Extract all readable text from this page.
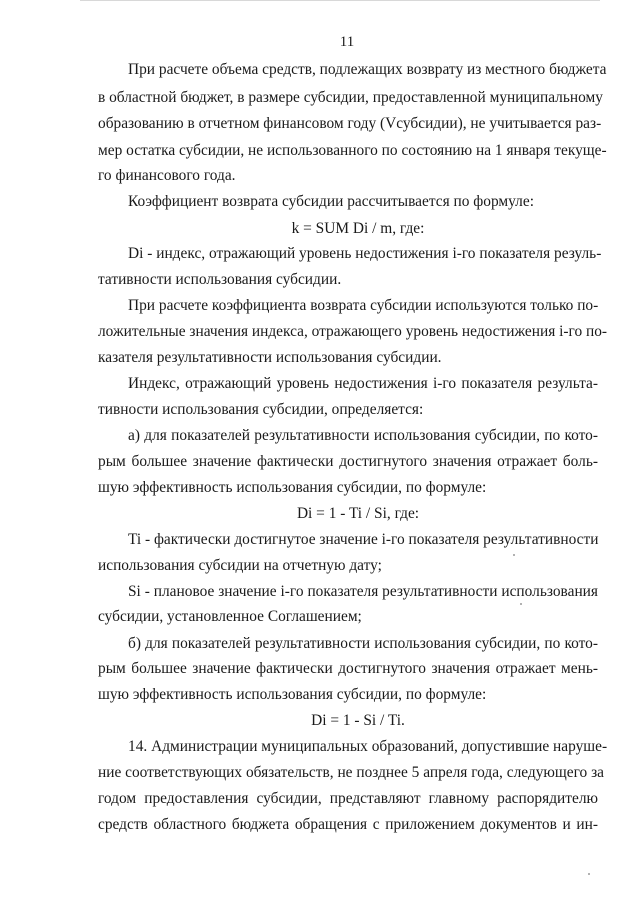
11
При расчете объема средств, подлежащих возврату из местного бюджета
в областной бюджет, в размере субсидии, предоставленной муниципальному
образованию в отчетном финансовом году (Vсубсидии), не учитывается раз-
мер остатка субсидии, не использованного по состоянию на 1 января текуще-
го финансового года.
Коэффициент возврата субсидии рассчитывается по формуле:
k = SUM Di / m, где:
Di - индекс, отражающий уровень недостижения i-го показателя резуль-
тативности использования субсидии.
При расчете коэффициента возврата субсидии используются только по-
ложительные значения индекса, отражающего уровень недостижения i-го по-
казателя результативности использования субсидии.
Индекс, отражающий уровень недостижения i-го показателя результа-
тивности использования субсидии, определяется:
а) для показателей результативности использования субсидии, по кото-
рым большее значение фактически достигнутого значения отражает боль-
шую эффективность использования субсидии, по формуле:
Di = 1 - Ti / Si, где:
Ti - фактически достигнутое значение i-го показателя результативности
использования субсидии на отчетную дату;
Si - плановое значение i-го показателя результативности использования
субсидии, установленное Соглашением;
б) для показателей результативности использования субсидии, по кото-
рым большее значение фактически достигнутого значения отражает мень-
шую эффективность использования субсидии, по формуле:
Di = 1 - Si / Ti.
14. Администрации муниципальных образований, допустившие наруше-
ние соответствующих обязательств, не позднее 5 апреля года, следующего за
годом предоставления субсидии, представляют главному распорядителю
средств областного бюджета обращения с приложением документов и ин-
